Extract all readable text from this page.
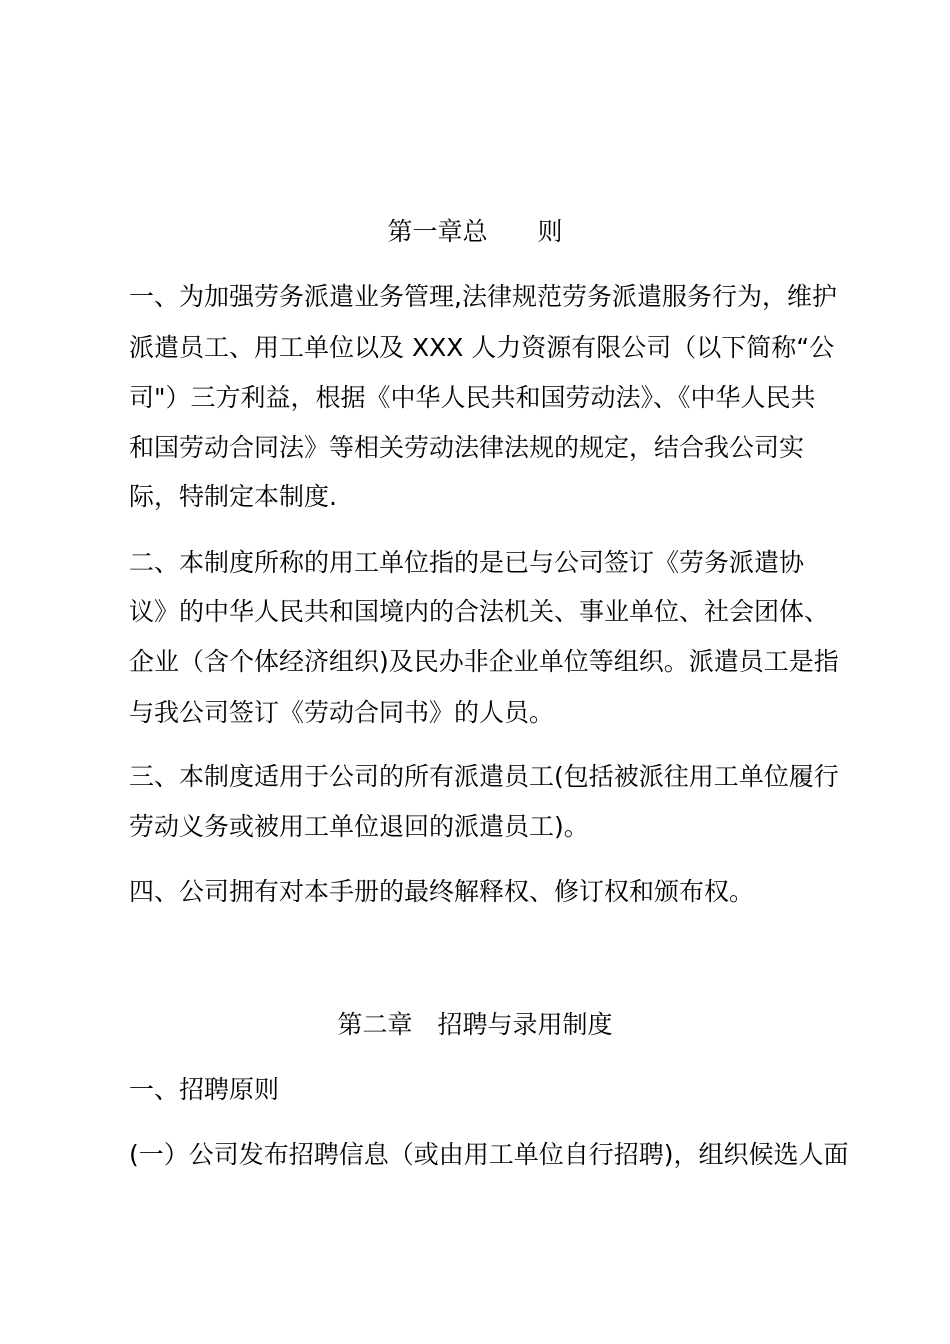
第一章总　　则
一、为加强劳务派遣业务管理,法律规范劳务派遣服务行为，维护
派遣员工、用工单位以及 XXX 人力资源有限公司（以下简称“公
司"）三方利益，根据《中华人民共和国劳动法》、《中华人民共
和国劳动合同法》等相关劳动法律法规的规定，结合我公司实
际，特制定本制度.
二、本制度所称的用工单位指的是已与公司签订《劳务派遣协
议》的中华人民共和国境内的合法机关、事业单位、社会团体、
企业（含个体经济组织)及民办非企业单位等组织。派遣员工是指
与我公司签订《劳动合同书》的人员。
三、本制度适用于公司的所有派遣员工(包括被派往用工单位履行
劳动义务或被用工单位退回的派遣员工)。
四、公司拥有对本手册的最终解释权、修订权和颁布权。
第二章　招聘与录用制度
一、招聘原则
(一）公司发布招聘信息（或由用工单位自行招聘)，组织候选人面
